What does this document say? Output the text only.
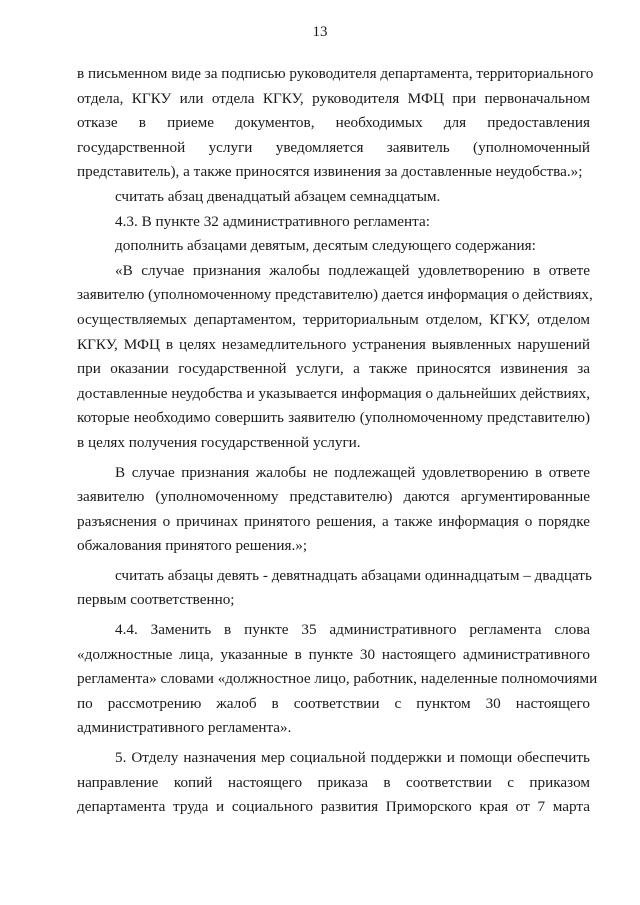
13
в письменном виде за подписью руководителя департамента, территориального
отдела, КГКУ или отдела КГКУ, руководителя МФЦ при первоначальном
отказе в приеме документов, необходимых для предоставления
государственной услуги уведомляется заявитель (уполномоченный
представитель), а также приносятся извинения за доставленные неудобства.»;
считать абзац двенадцатый абзацем семнадцатым.
4.3. В пункте 32 административного регламента:
дополнить абзацами девятым, десятым следующего содержания:
«В случае признания жалобы подлежащей удовлетворению в ответе
заявителю (уполномоченному представителю) дается информация о действиях,
осуществляемых департаментом, территориальным отделом, КГКУ, отделом
КГКУ, МФЦ в целях незамедлительного устранения выявленных нарушений
при оказании государственной услуги, а также приносятся извинения за
доставленные неудобства и указывается информация о дальнейших действиях,
которые необходимо совершить заявителю (уполномоченному представителю)
в целях получения государственной услуги.
В случае признания жалобы не подлежащей удовлетворению в ответе
заявителю (уполномоченному представителю) даются аргументированные
разъяснения о причинах принятого решения, а также информация о порядке
обжалования принятого решения.»;
считать абзацы девять - девятнадцать абзацами одиннадцатым – двадцать
первым соответственно;
4.4. Заменить в пункте 35 административного регламента слова
«должностные лица, указанные в пункте 30 настоящего административного
регламента» словами «должностное лицо, работник, наделенные полномочиями
по рассмотрению жалоб в соответствии с пунктом 30 настоящего
административного регламента».
5. Отделу назначения мер социальной поддержки и помощи обеспечить
направление копий настоящего приказа в соответствии с приказом
департамента труда и социального развития Приморского края от 7 марта
